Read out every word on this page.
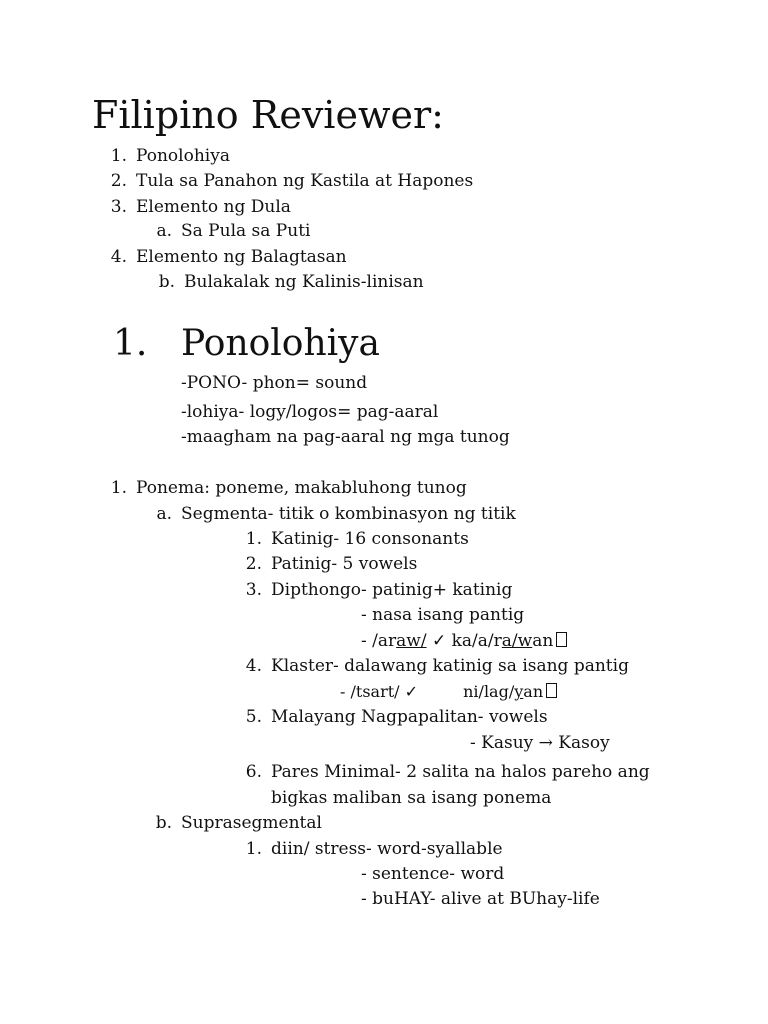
Filipino Reviewer:
1. Ponolohiya
2. Tula sa Panahon ng Kastila at Hapones
3. Elemento ng Dula
a. Sa Pula sa Puti
4. Elemento ng Balagtasan
b. Bulakalak ng Kalinis-linisan
1. Ponolohiya
-PONO- phon= sound
-lohiya- logy/logos= pag-aaral
-maagham na pag-aaral ng mga tunog
1. Ponema: poneme, makabluhong tunog
a. Segmenta- titik o kombinasyon ng titik
1. Katinig- 16 consonants
2. Patinig- 5 vowels
3. Dipthongo- patinig+ katinig
- nasa isang pantig
- /araw/ ✓ ka/a/ra/wan
4. Klaster- dalawang katinig sa isang pantig
- /tsart/ ✓	ni/lag/yan
5. Malayang Nagpapalitan- vowels
- Kasuy → Kasoy
6. Pares Minimal- 2 salita na halos pareho ang
bigkas maliban sa isang ponema
b. Suprasegmental
1. diin/ stress- word-syallable
- sentence- word
- buHAY- alive at BUhay-life
